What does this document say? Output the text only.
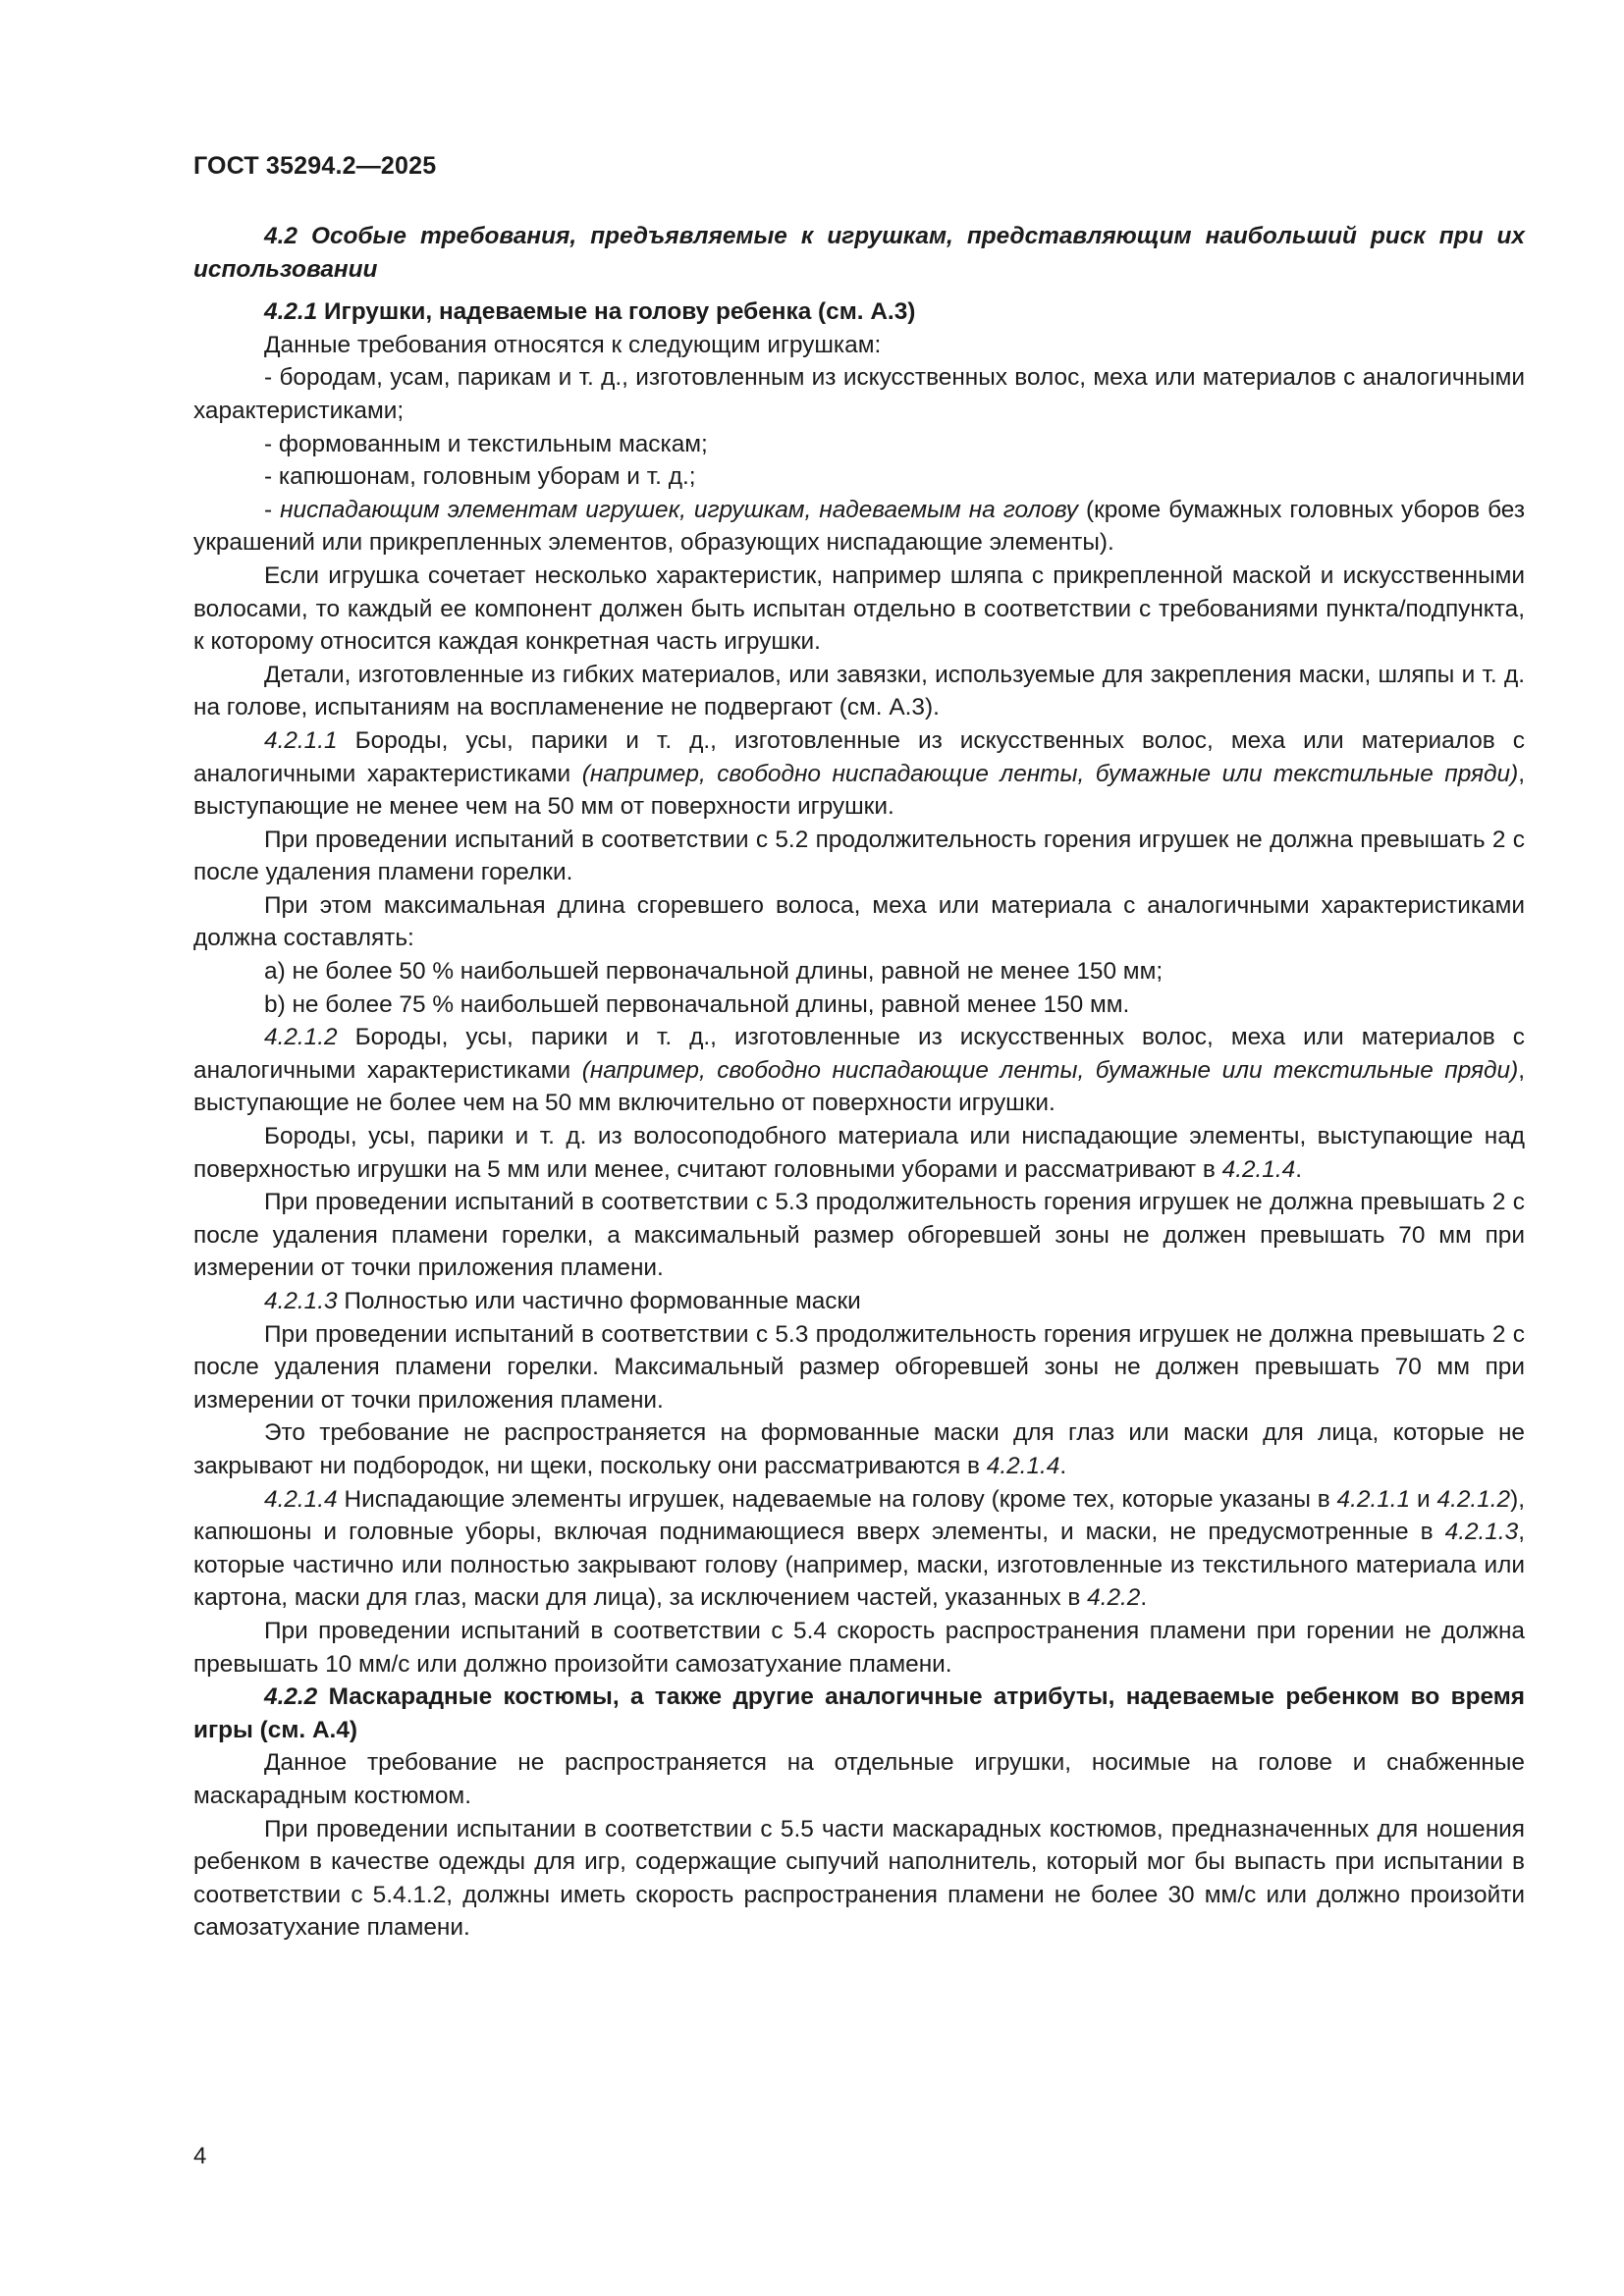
ГОСТ 35294.2—2025

4.2 Особые требования, предъявляемые к игрушкам, представляющим наибольший риск при их использовании

4.2.1 Игрушки, надеваемые на голову ребенка (см. А.3)

Данные требования относятся к следующим игрушкам:

- бородам, усам, парикам и т. д., изготовленным из искусственных волос, меха или материалов с аналогичными характеристиками;

- формованным и текстильным маскам;

- капюшонам, головным уборам и т. д.;

- ниспадающим элементам игрушек, игрушкам, надеваемым на голову (кроме бумажных головных уборов без украшений или прикрепленных элементов, образующих ниспадающие элементы).

Если игрушка сочетает несколько характеристик, например шляпа с прикрепленной маской и искусственными волосами, то каждый ее компонент должен быть испытан отдельно в соответствии с требованиями пункта/подпункта, к которому относится каждая конкретная часть игрушки.

Детали, изготовленные из гибких материалов, или завязки, используемые для закрепления маски, шляпы и т. д. на голове, испытаниям на воспламенение не подвергают (см. А.3).

4.2.1.1 Бороды, усы, парики и т. д., изготовленные из искусственных волос, меха или материалов с аналогичными характеристиками (например, свободно ниспадающие ленты, бумажные или текстильные пряди), выступающие не менее чем на 50 мм от поверхности игрушки.

При проведении испытаний в соответствии с 5.2 продолжительность горения игрушек не должна превышать 2 с после удаления пламени горелки.

При этом максимальная длина сгоревшего волоса, меха или материала с аналогичными характеристиками должна составлять:

a) не более 50 % наибольшей первоначальной длины, равной не менее 150 мм;

b) не более 75 % наибольшей первоначальной длины, равной менее 150 мм.

4.2.1.2 Бороды, усы, парики и т. д., изготовленные из искусственных волос, меха или материалов с аналогичными характеристиками (например, свободно ниспадающие ленты, бумажные или текстильные пряди), выступающие не более чем на 50 мм включительно от поверхности игрушки.

Бороды, усы, парики и т. д. из волосоподобного материала или ниспадающие элементы, выступающие над поверхностью игрушки на 5 мм или менее, считают головными уборами и рассматривают в 4.2.1.4.

При проведении испытаний в соответствии с 5.3 продолжительность горения игрушек не должна превышать 2 с после удаления пламени горелки, а максимальный размер обгоревшей зоны не должен превышать 70 мм при измерении от точки приложения пламени.

4.2.1.3 Полностью или частично формованные маски

При проведении испытаний в соответствии с 5.3 продолжительность горения игрушек не должна превышать 2 с после удаления пламени горелки. Максимальный размер обгоревшей зоны не должен превышать 70 мм при измерении от точки приложения пламени.

Это требование не распространяется на формованные маски для глаз или маски для лица, которые не закрывают ни подбородок, ни щеки, поскольку они рассматриваются в 4.2.1.4.

4.2.1.4 Ниспадающие элементы игрушек, надеваемые на голову (кроме тех, которые указаны в 4.2.1.1 и 4.2.1.2), капюшоны и головные уборы, включая поднимающиеся вверх элементы, и маски, не предусмотренные в 4.2.1.3, которые частично или полностью закрывают голову (например, маски, изготовленные из текстильного материала или картона, маски для глаз, маски для лица), за исключением частей, указанных в 4.2.2.

При проведении испытаний в соответствии с 5.4 скорость распространения пламени при горении не должна превышать 10 мм/с или должно произойти самозатухание пламени.

4.2.2 Маскарадные костюмы, а также другие аналогичные атрибуты, надеваемые ребенком во время игры (см. А.4)

Данное требование не распространяется на отдельные игрушки, носимые на голове и снабженные маскарадным костюмом.

При проведении испытании в соответствии с 5.5 части маскарадных костюмов, предназначенных для ношения ребенком в качестве одежды для игр, содержащие сыпучий наполнитель, который мог бы выпасть при испытании в соответствии с 5.4.1.2, должны иметь скорость распространения пламени не более 30 мм/с или должно произойти самозатухание пламени.

4
